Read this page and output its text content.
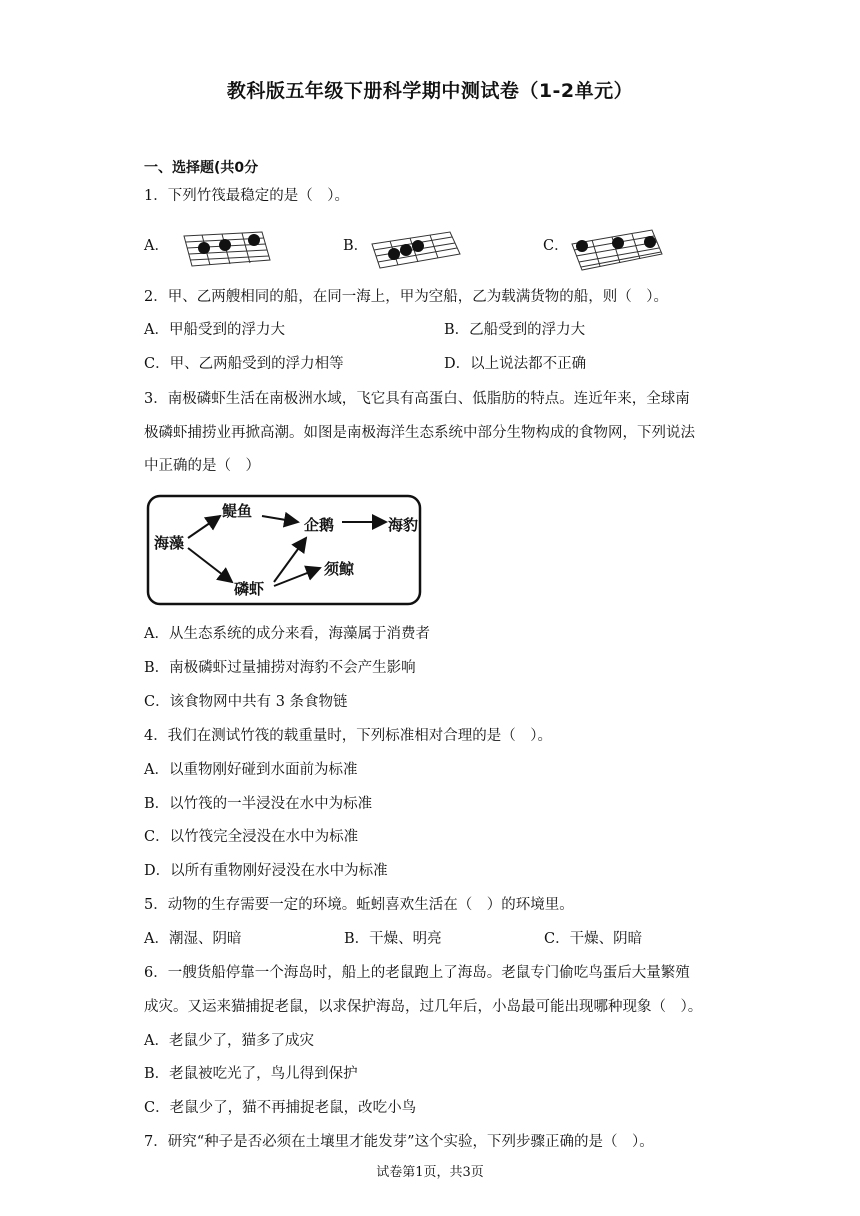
教科版五年级下册科学期中测试卷（1-2单元）
一、选择题(共0分
1．下列竹筏最稳定的是（　）。
A．	B．	C．
2．甲、乙两艘相同的船，在同一海上，甲为空船，乙为载满货物的船，则（　）。
A．甲船受到的浮力大	B．乙船受到的浮力大
C．甲、乙两船受到的浮力相等	D．以上说法都不正确
3．南极磷虾生活在南极洲水域，飞它具有高蛋白、低脂肪的特点。连近年来，全球南
极磷虾捕捞业再掀高潮。如图是南极海洋生态系统中部分生物构成的食物网，下列说法
中正确的是（　）
海藻
鳀鱼
企鹅	海豹
磷虾
须鲸
A．从生态系统的成分来看，海藻属于消费者
B．南极磷虾过量捕捞对海豹不会产生影响
C．该食物网中共有 3 条食物链
4．我们在测试竹筏的载重量时，下列标准相对合理的是（　）。
A．以重物刚好碰到水面前为标准
B．以竹筏的一半浸没在水中为标准
C．以竹筏完全浸没在水中为标准
D．以所有重物刚好浸没在水中为标准
5．动物的生存需要一定的环境。蚯蚓喜欢生活在（　）的环境里。
A．潮湿、阴暗	B．干燥、明亮	C．干燥、阴暗
6．一艘货船停靠一个海岛时，船上的老鼠跑上了海岛。老鼠专门偷吃鸟蛋后大量繁殖
成灾。又运来猫捕捉老鼠，以求保护海岛，过几年后，小岛最可能出现哪种现象（　）。
A．老鼠少了，猫多了成灾
B．老鼠被吃光了，鸟儿得到保护
C．老鼠少了，猫不再捕捉老鼠，改吃小鸟
7．研究“种子是否必须在土壤里才能发芽”这个实验，下列步骤正确的是（　）。
试卷第1页，共3页
